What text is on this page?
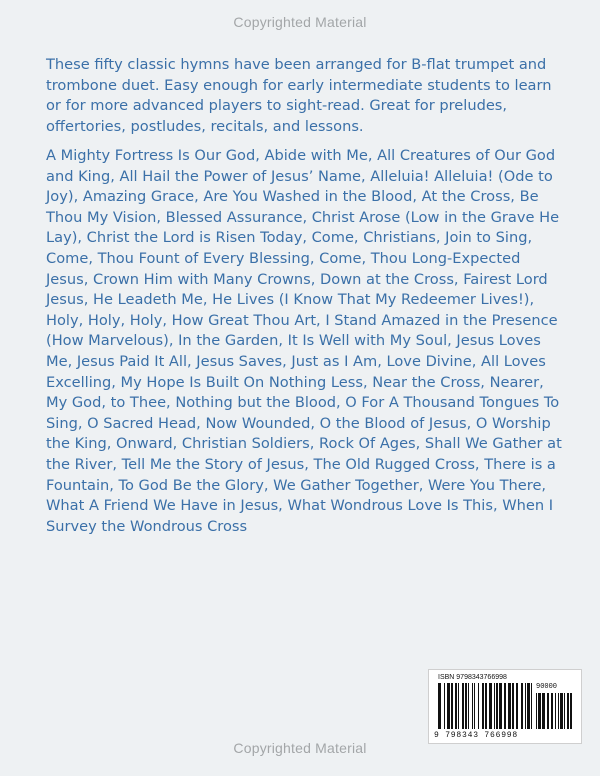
Copyrighted Material
These fifty classic hymns have been arranged for B-flat trumpet and trombone duet. Easy enough for early intermediate students to learn or for more advanced players to sight-read. Great for preludes, offertories, postludes, recitals, and lessons.
A Mighty Fortress Is Our God, Abide with Me, All Creatures of Our God and King, All Hail the Power of Jesus’ Name, Alleluia! Alleluia! (Ode to Joy), Amazing Grace, Are You Washed in the Blood, At the Cross, Be Thou My Vision, Blessed Assurance, Christ Arose (Low in the Grave He Lay), Christ the Lord is Risen Today, Come, Christians, Join to Sing, Come, Thou Fount of Every Blessing, Come, Thou Long-Expected Jesus, Crown Him with Many Crowns, Down at the Cross, Fairest Lord Jesus, He Leadeth Me, He Lives (I Know That My Redeemer Lives!), Holy, Holy, Holy, How Great Thou Art, I Stand Amazed in the Presence (How Marvelous), In the Garden, It Is Well with My Soul, Jesus Loves Me, Jesus Paid It All, Jesus Saves, Just as I Am, Love Divine, All Loves Excelling, My Hope Is Built On Nothing Less, Near the Cross, Nearer, My God, to Thee, Nothing but the Blood, O For A Thousand Tongues To Sing, O Sacred Head, Now Wounded, O the Blood of Jesus, O Worship the King, Onward, Christian Soldiers, Rock Of Ages, Shall We Gather at the River, Tell Me the Story of Jesus, The Old Rugged Cross, There is a Fountain, To God Be the Glory, We Gather Together, Were You There, What A Friend We Have in Jesus, What Wondrous Love Is This, When I Survey the Wondrous Cross
ISBN 9798343766998
90000
9 798343 766998
Copyrighted Material
